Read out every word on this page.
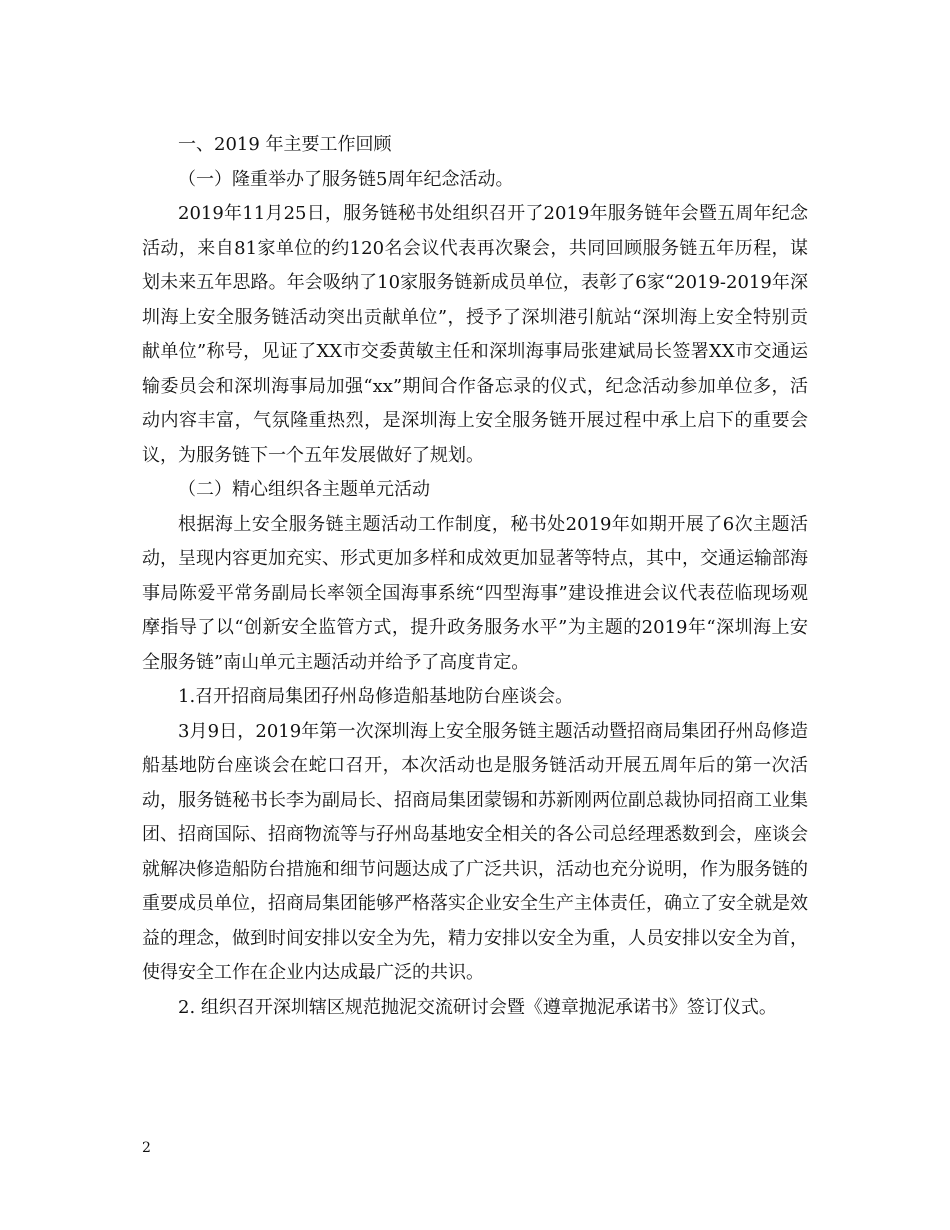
一、2019 年主要工作回顾

（一）隆重举办了服务链5周年纪念活动。

2019年11月25日，服务链秘书处组织召开了2019年服务链年会暨五周年纪念活动，来自81家单位的约120名会议代表再次聚会，共同回顾服务链五年历程，谋划未来五年思路。年会吸纳了10家服务链新成员单位，表彰了6家“2019-2019年深圳海上安全服务链活动突出贡献单位”，授予了深圳港引航站“深圳海上安全特别贡献单位”称号，见证了XX市交委黄敏主任和深圳海事局张建斌局长签署XX市交通运输委员会和深圳海事局加强“xx”期间合作备忘录的仪式，纪念活动参加单位多，活动内容丰富，气氛隆重热烈，是深圳海上安全服务链开展过程中承上启下的重要会议，为服务链下一个五年发展做好了规划。

（二）精心组织各主题单元活动

根据海上安全服务链主题活动工作制度，秘书处2019年如期开展了6次主题活动，呈现内容更加充实、形式更加多样和成效更加显著等特点，其中，交通运输部海事局陈爱平常务副局长率领全国海事系统“四型海事”建设推进会议代表莅临现场观摩指导了以“创新安全监管方式，提升政务服务水平”为主题的2019年“深圳海上安全服务链”南山单元主题活动并给予了高度肯定。

1.召开招商局集团孖州岛修造船基地防台座谈会。

3月9日，2019年第一次深圳海上安全服务链主题活动暨招商局集团孖州岛修造船基地防台座谈会在蛇口召开，本次活动也是服务链活动开展五周年后的第一次活动，服务链秘书长李为副局长、招商局集团蒙锡和苏新刚两位副总裁协同招商工业集团、招商国际、招商物流等与孖州岛基地安全相关的各公司总经理悉数到会，座谈会就解决修造船防台措施和细节问题达成了广泛共识，活动也充分说明，作为服务链的重要成员单位，招商局集团能够严格落实企业安全生产主体责任，确立了安全就是效益的理念，做到时间安排以安全为先，精力安排以安全为重，人员安排以安全为首，使得安全工作在企业内达成最广泛的共识。

2. 组织召开深圳辖区规范抛泥交流研讨会暨《遵章抛泥承诺书》签订仪式。

2
